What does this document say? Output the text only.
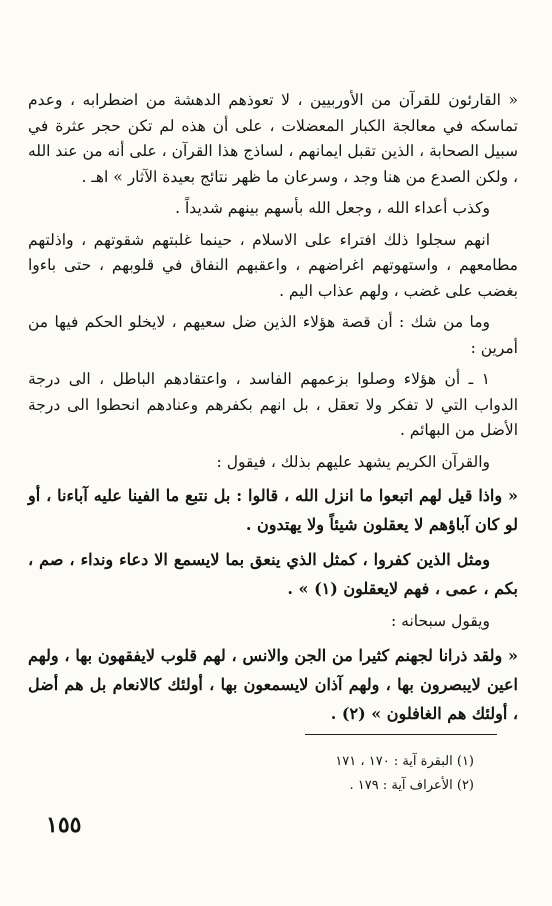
« القارئون للقرآن من الأوربيين ، لا تعوذهم الدهشة من اضطرابه ، وعدم تماسكه في معالجة الكبار المعضلات ، على أن هذه لم تكن حجر عثرة في سبيل الصحابة ، الذين تقبل ايمانهم ، لساذج هذا القرآن ، على أنه من عند الله ، ولكن الصدع من هنا وجد ، وسرعان ما ظهر نتائج بعيدة الآثار » اهـ .

وكذب أعداء الله ، وجعل الله بأسهم بينهم شديداً .

انهم سجلوا ذلك افتراء على الاسلام ، حينما غلبتهم شقوتهم ، واذلتهم مطامعهم ، واستهوتهم اغراضهم ، واعقبهم النفاق في قلوبهم ، حتى باءوا بغضب على غضب ، ولهم عذاب اليم .

وما من شك : أن قصة هؤلاء الذين ضل سعيهم ، لايخلو الحكم فيها من أمرين :

١ ـ أن هؤلاء وصلوا بزعمهم الفاسد ، واعتقادهم الباطل ، الى درجة الدواب التي لا تفكر ولا تعقل ، بل انهم بكفرهم وعنادهم انحطوا الى درجة الأضل من البهائم .

والقرآن الكريم يشهد عليهم بذلك ، فيقول :

« واذا قيل لهم اتبعوا ما انزل الله ، قالوا : بل نتبع ما الفينا عليه آباءنا ، أو لو كان آباؤهم لا يعقلون شيئاً ولا يهتدون .

ومثل الذين كفروا ، كمثل الذي ينعق بما لايسمع الا دعاء ونداء ، صم ، بكم ، عمى ، فهم لايعقلون (١) » .

ويقول سبحانه :

« ولقد ذرانا لجهنم كثيرا من الجن والانس ، لهم قلوب لايفقهون بها ، ولهم اعين لايبصرون بها ، ولهم آذان لايسمعون بها ، أولئك كالانعام بل هم أضل ، أولئك هم الغافلون » (٢) .

(١) البقرة آية : ١٧٠ ، ١٧١
(٢) الأعراف آية : ١٧٩ .
١٥٥
